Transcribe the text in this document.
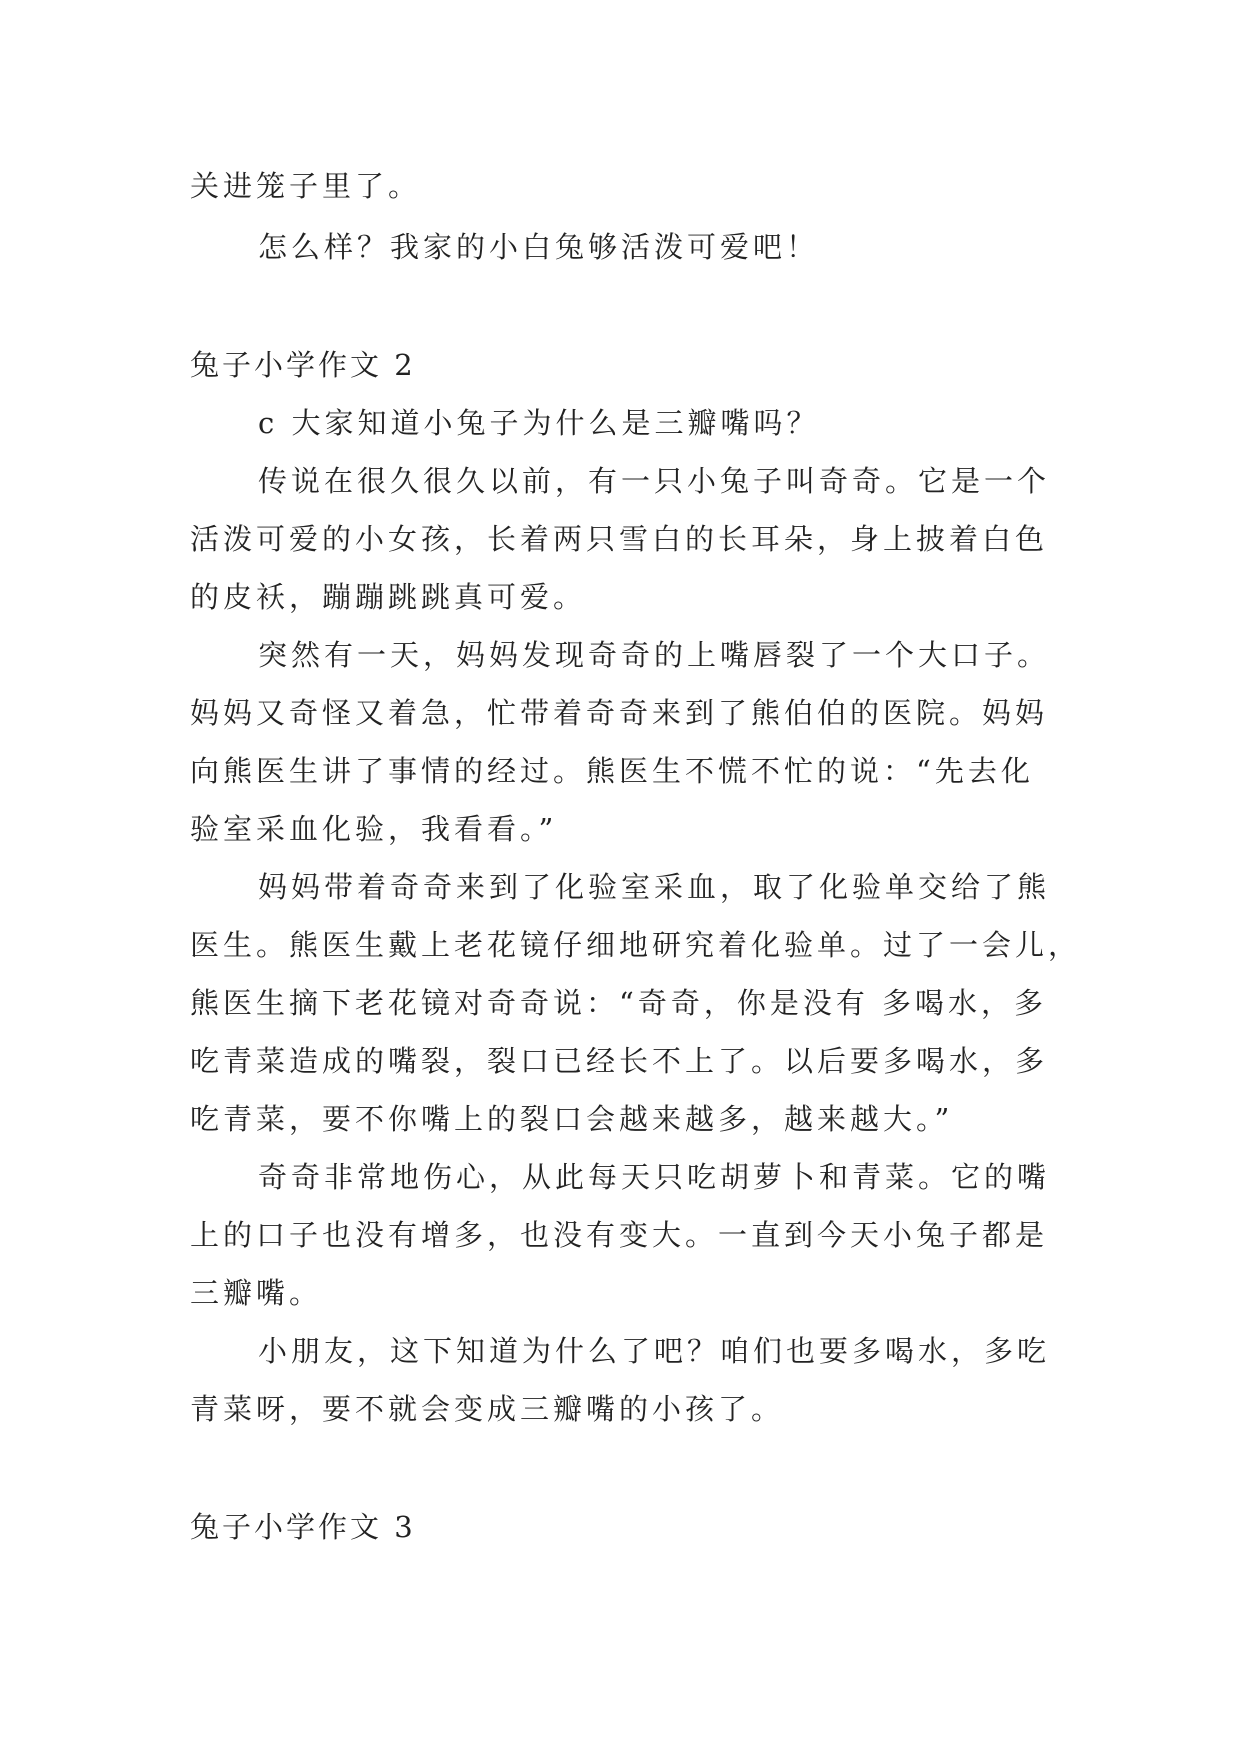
关进笼子里了。

怎么样？我家的小白兔够活泼可爱吧！

兔子小学作文 2

c 大家知道小兔子为什么是三瓣嘴吗？

传说在很久很久以前，有一只小兔子叫奇奇。它是一个

活泼可爱的小女孩，长着两只雪白的长耳朵，身上披着白色

的皮袄，蹦蹦跳跳真可爱。

突然有一天，妈妈发现奇奇的上嘴唇裂了一个大口子。

妈妈又奇怪又着急，忙带着奇奇来到了熊伯伯的医院。妈妈

向熊医生讲了事情的经过。熊医生不慌不忙的说：“先去化

验室采血化验，我看看。”

妈妈带着奇奇来到了化验室采血，取了化验单交给了熊

医生。熊医生戴上老花镜仔细地研究着化验单。过了一会儿，

熊医生摘下老花镜对奇奇说：“奇奇，你是没有 多喝水，多

吃青菜造成的嘴裂，裂口已经长不上了。以后要多喝水，多

吃青菜，要不你嘴上的裂口会越来越多，越来越大。”

奇奇非常地伤心，从此每天只吃胡萝卜和青菜。它的嘴

上的口子也没有增多，也没有变大。一直到今天小兔子都是

三瓣嘴。

小朋友，这下知道为什么了吧？咱们也要多喝水，多吃

青菜呀，要不就会变成三瓣嘴的小孩了。

兔子小学作文 3
